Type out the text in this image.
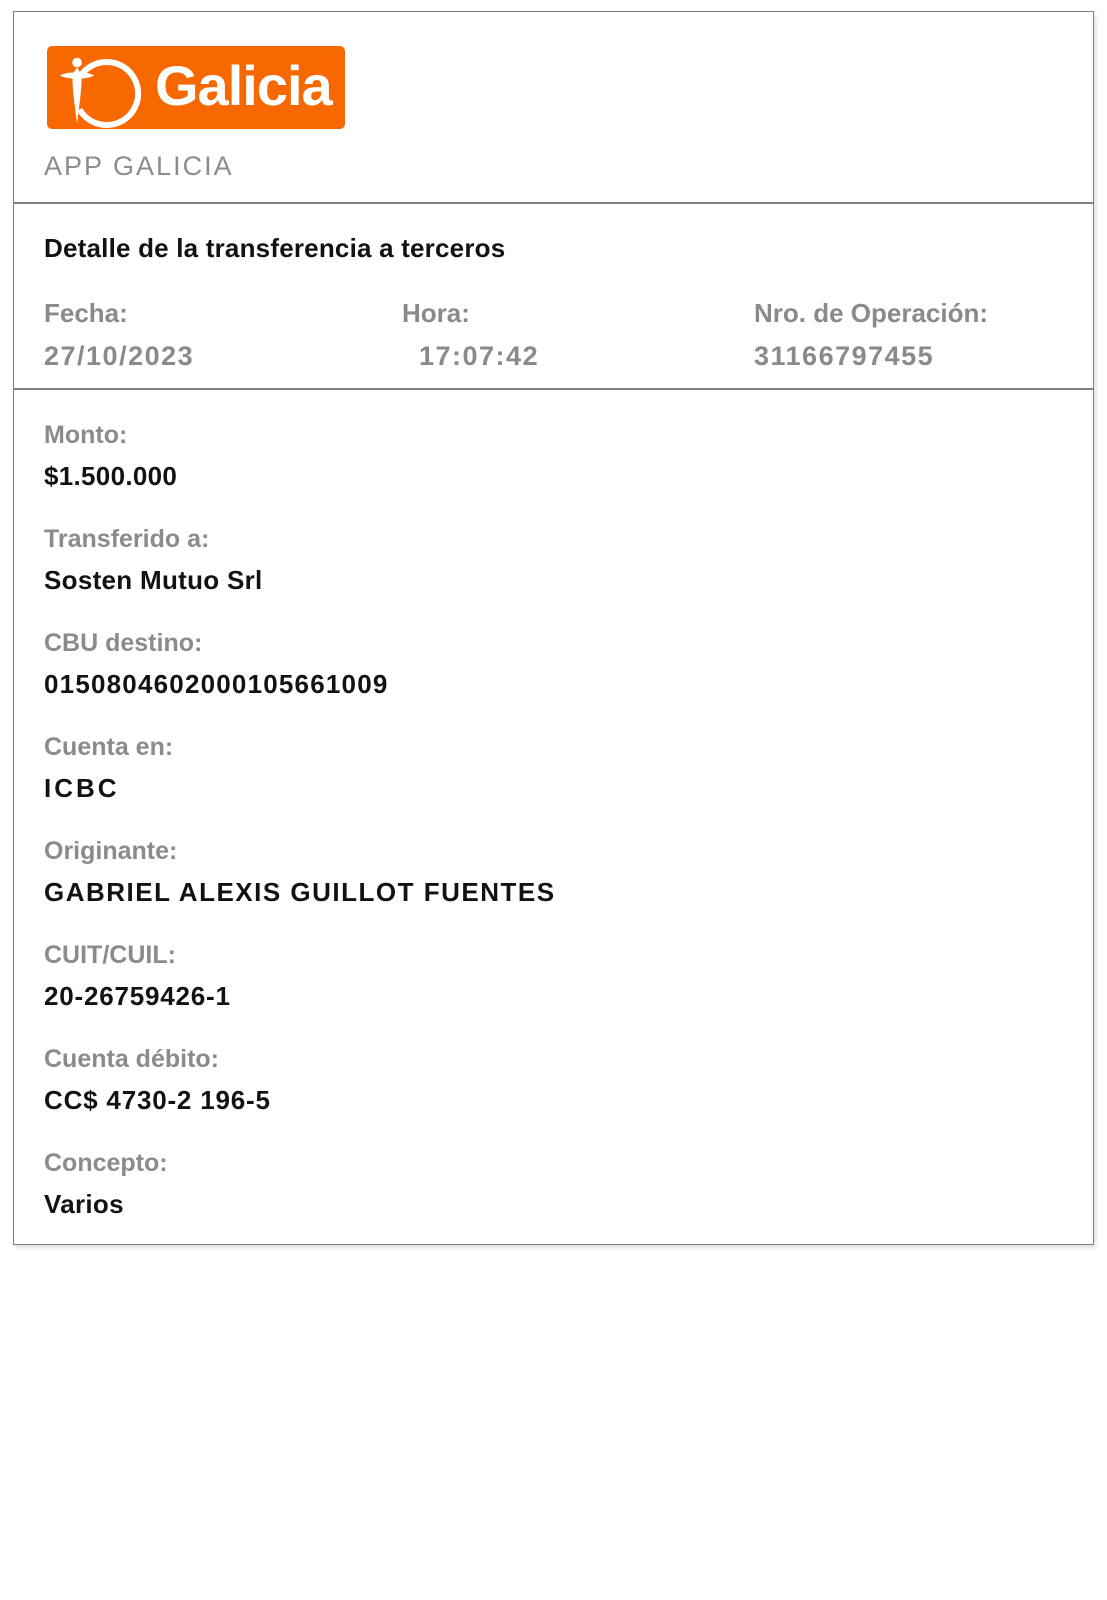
Galicia
APP GALICIA
Detalle de la transferencia a terceros
Fecha:
27/10/2023
Hora:
17:07:42
Nro. de Operación:
31166797455
Monto:
$1.500.000
Transferido a:
Sosten Mutuo Srl
CBU destino:
0150804602000105661009
Cuenta en:
ICBC
Originante:
GABRIEL ALEXIS GUILLOT FUENTES
CUIT/CUIL:
20-26759426-1
Cuenta débito:
CC$ 4730-2 196-5
Concepto:
Varios
